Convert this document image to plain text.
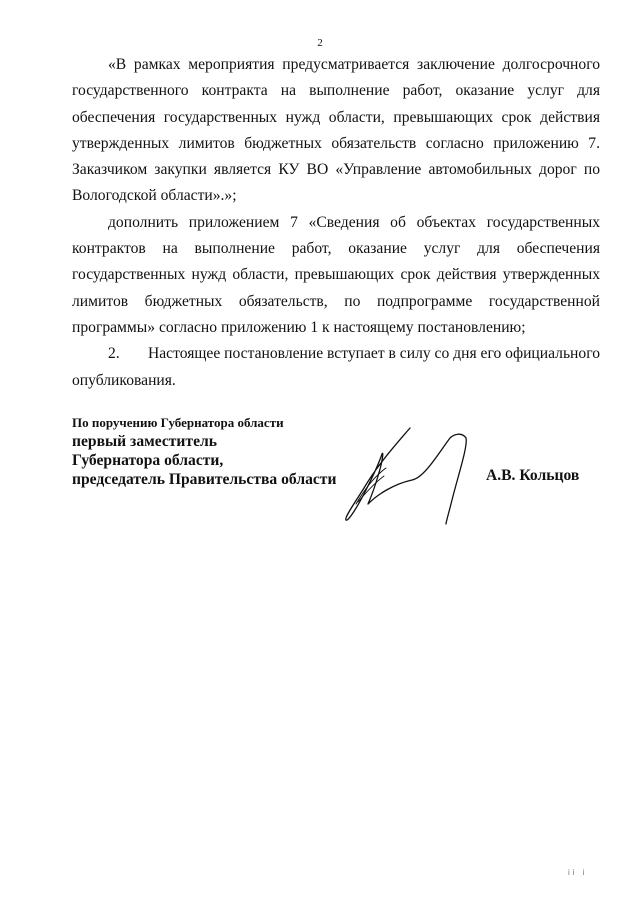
2

«В рамках мероприятия предусматривается заключение долгосрочного государственного контракта на выполнение работ, оказание услуг для обеспечения государственных нужд области, превышающих срок действия утвержденных лимитов бюджетных обязательств согласно приложению 7. Заказчиком закупки является КУ ВО «Управление автомобильных дорог по Вологодской области».»;

дополнить приложением 7 «Сведения об объектах государственных контрактов на выполнение работ, оказание услуг для обеспечения государственных нужд области, превышающих срок действия утвержденных лимитов бюджетных обязательств, по подпрограмме государственной программы» согласно приложению 1 к настоящему постановлению;

2. Настоящее постановление вступает в силу со дня его официального опубликования.

По поручению Губернатора области
первый заместитель
Губернатора области,
председатель Правительства области	А.В. Кольцов
ii i
